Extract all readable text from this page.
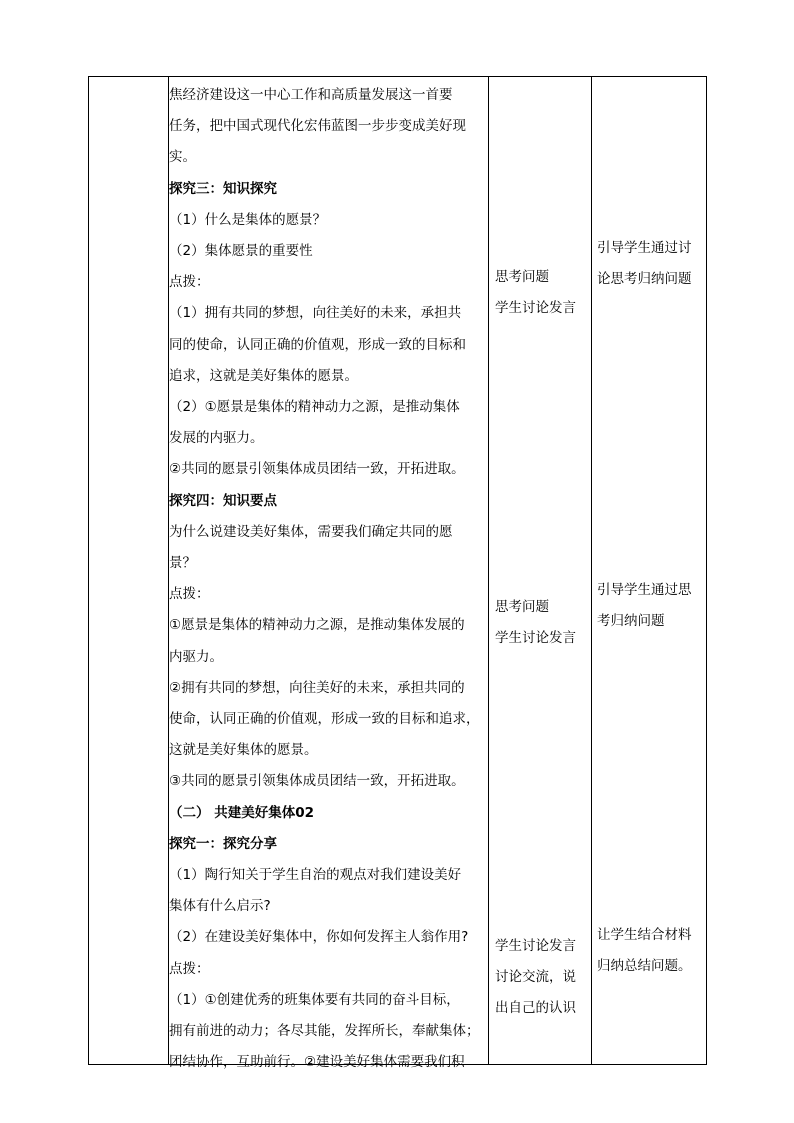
焦经济建设这一中心工作和高质量发展这一首要

任务，把中国式现代化宏伟蓝图一步步变成美好现

实。

探究三：知识探究

（1）什么是集体的愿景？

（2）集体愿景的重要性

点拨：

（1）拥有共同的梦想，向往美好的未来，承担共

同的使命，认同正确的价值观，形成一致的目标和

追求，这就是美好集体的愿景。

（2）①愿景是集体的精神动力之源，是推动集体

发展的内驱力。

②共同的愿景引领集体成员团结一致，开拓进取。

探究四：知识要点

为什么说建设美好集体，需要我们确定共同的愿

景？

点拨：

①愿景是集体的精神动力之源，是推动集体发展的

内驱力。

②拥有共同的梦想，向往美好的未来，承担共同的

使命，认同正确的价值观，形成一致的目标和追求，

这就是美好集体的愿景。

③共同的愿景引领集体成员团结一致，开拓进取。

（二） 共建美好集体02

探究一：探究分享

（1）陶行知关于学生自治的观点对我们建设美好

集体有什么启示?

（2）在建设美好集体中，你如何发挥主人翁作用?

点拨：

（1）①创建优秀的班集体要有共同的奋斗目标，

拥有前进的动力；各尽其能，发挥所长，奉献集体；

团结协作，互助前行。②建设美好集体需要我们积

思考问题

学生讨论发言

思考问题

学生讨论发言

学生讨论发言

讨论交流，说

出自己的认识

引导学生通过讨

论思考归纳问题

引导学生通过思

考归纳问题

让学生结合材料

归纳总结问题。
